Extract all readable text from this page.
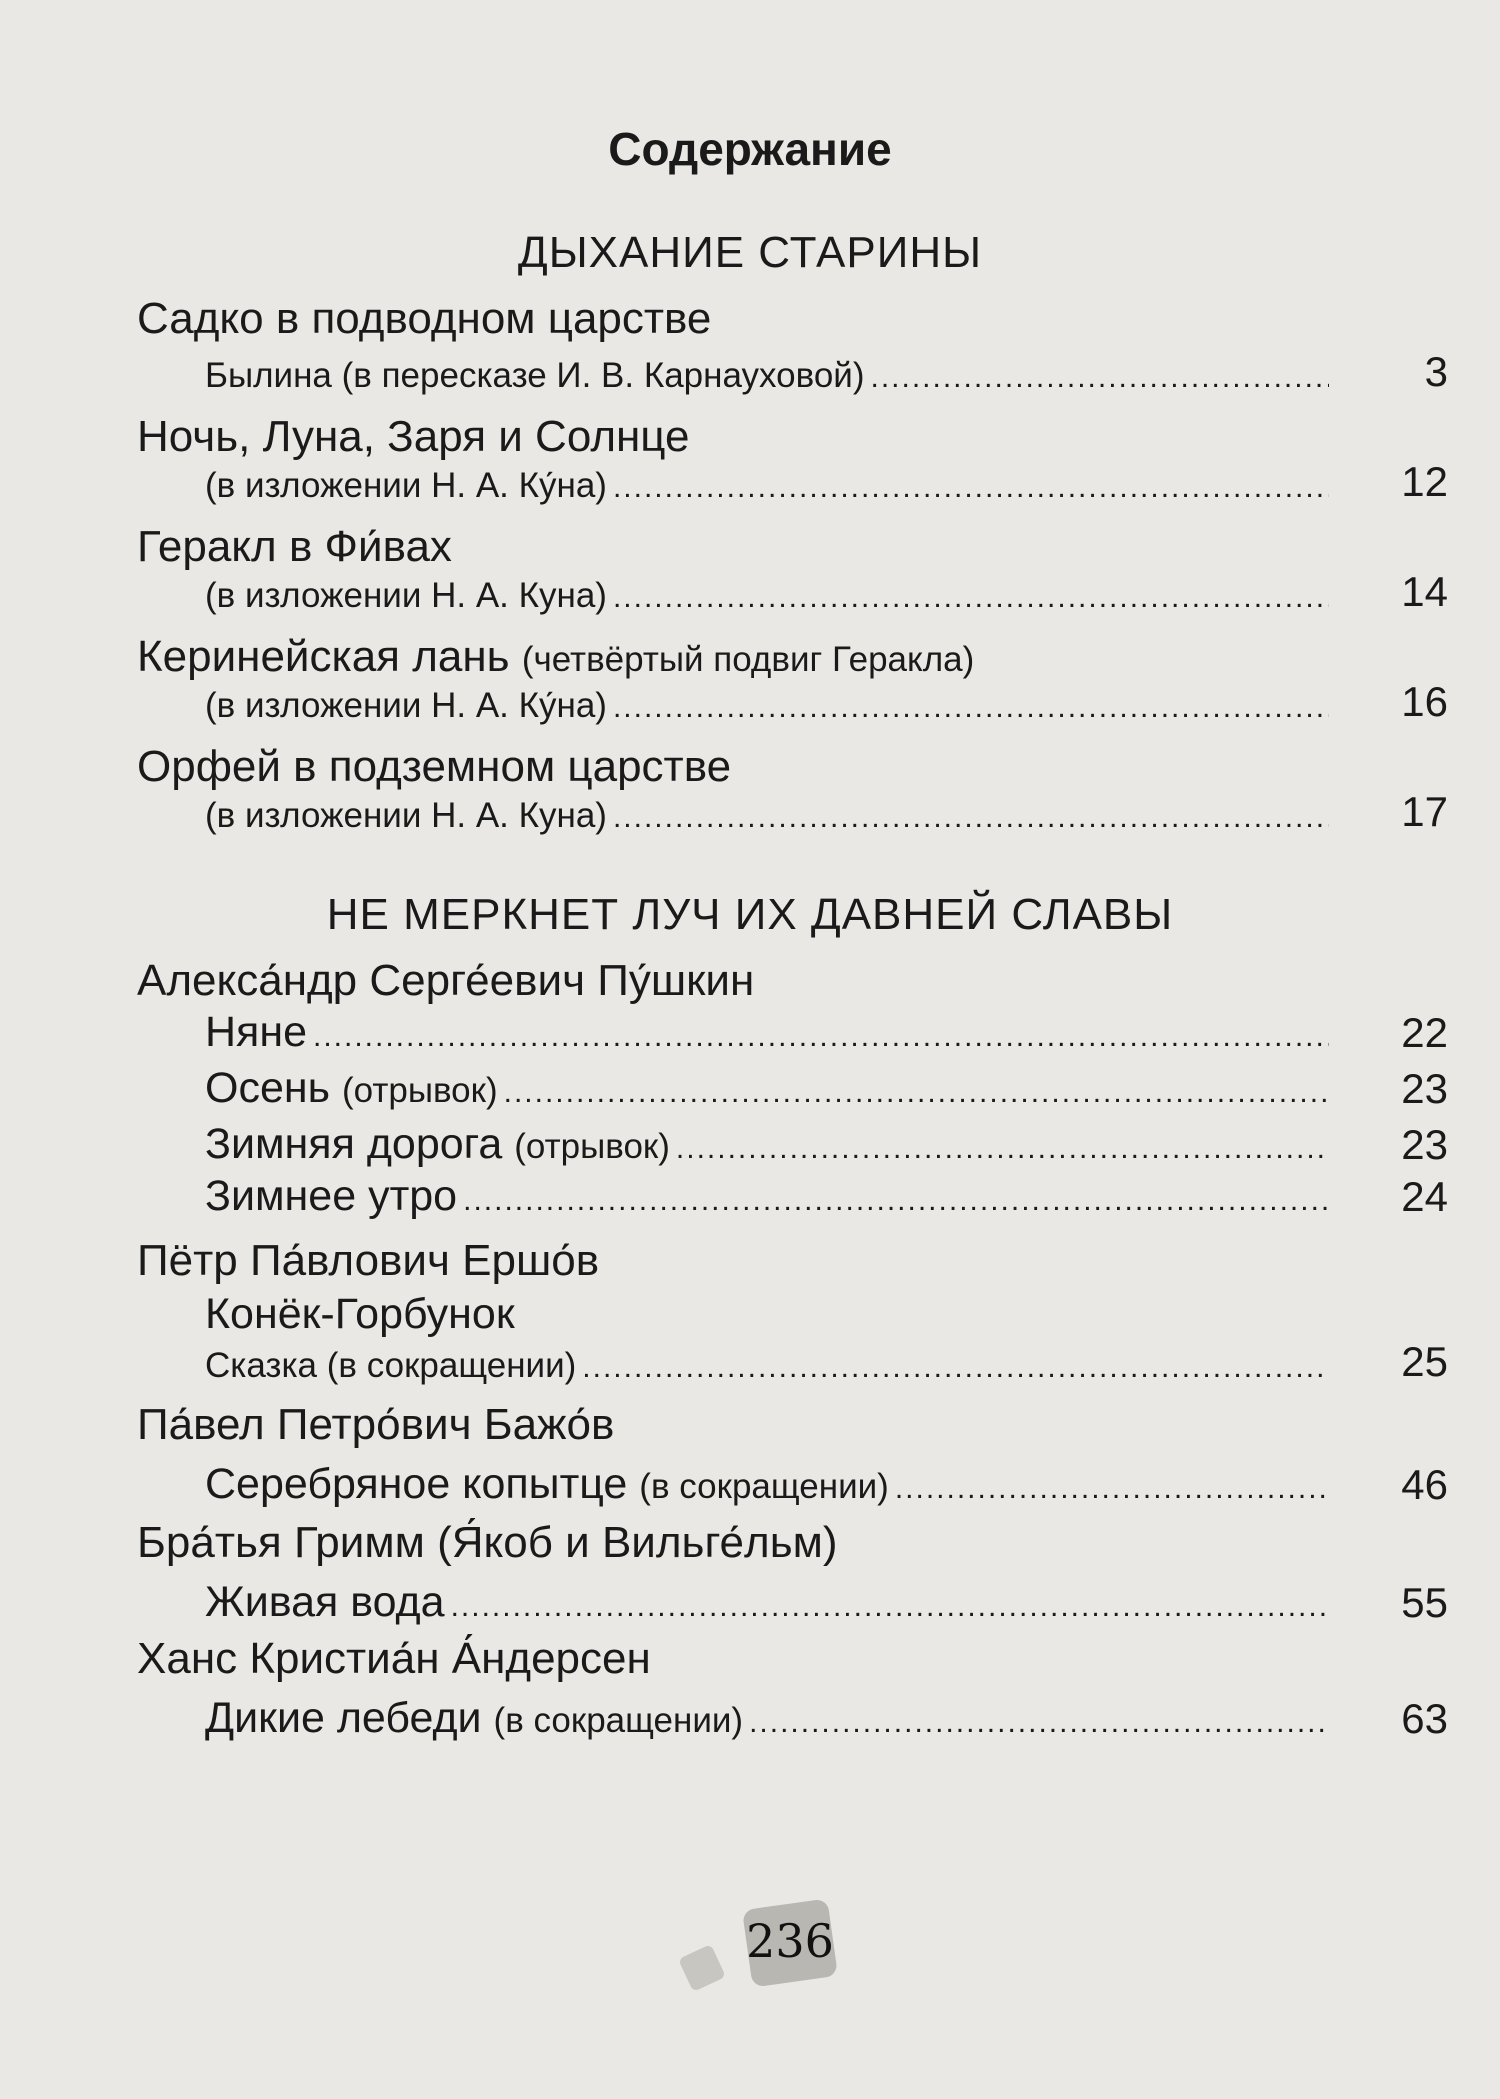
Содержание
ДЫХАНИЕ СТАРИНЫ
Садко в подводном царстве
Былина (в пересказе И. В. Карнауховой) .....	3
Ночь, Луна, Заря и Солнце
(в изложении Н. А. Ку́на) .....	12
Геракл в Фи́вах
(в изложении Н. А. Куна) .....	14
Керинейская лань (четвёртый подвиг Геракла)
(в изложении Н. А. Ку́на) .....	16
Орфей в подземном царстве
(в изложении Н. А. Куна) .....	17
НЕ МЕРКНЕТ ЛУЧ ИХ ДАВНЕЙ СЛАВЫ
Алекса́ндр Серге́евич Пу́шкин
Няне .....	22
Осень
(отрывок) .....	23
Зимняя дорога
(отрывок) .....	23
Зимнее утро .....	24
Пётр Па́влович Ершо́в
Конёк-Горбунок
Сказка (в сокращении) .....	25
Па́вел Петро́вич Бажо́в
Серебряное копытце
(в сокращении) .....	46
Бра́тья Гримм (Я́коб и Вильге́льм)
Живая вода .....	55
Ханс Кристиа́н А́ндерсен
Дикие лебеди
(в сокращении) .....	63
236
